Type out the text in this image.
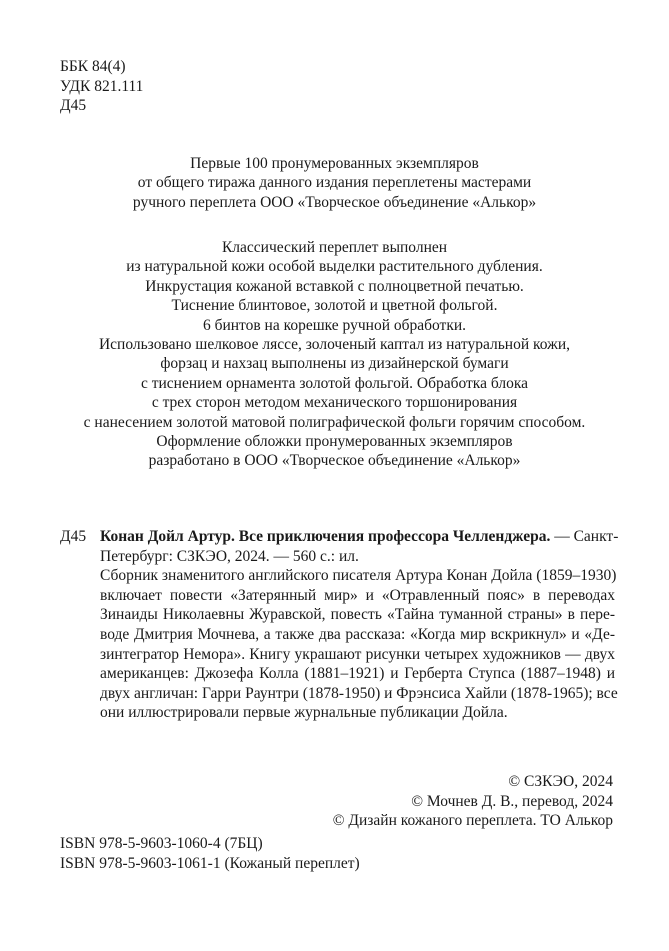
ББК 84(4)
УДК 821.111
Д45
Первые 100 пронумерованных экземпляров
от общего тиража данного издания переплетены мастерами
ручного переплета ООО «Творческое объединение «Алькор»
Классический переплет выполнен
из натуральной кожи особой выделки растительного дубления.
Инкрустация кожаной вставкой с полноцветной печатью.
Тиснение блинтовое, золотой и цветной фольгой.
6 бинтов на корешке ручной обработки.
Использовано шелковое ляссе, золоченый каптал из натуральной кожи,
форзац и нахзац выполнены из дизайнерской бумаги
с тиснением орнамента золотой фольгой. Обработка блока
с трех сторон методом механического торшонирования
с нанесением золотой матовой полиграфической фольги горячим способом.
Оформление обложки пронумерованных экземпляров
разработано в ООО «Творческое объединение «Алькор»
Д45 Конан Дойл Артур. Все приключения профессора Челленджера. — Санкт-
Петербург: СЗКЭО, 2024. — 560 с.: ил.
Сборник знаменитого английского писателя Артура Конан Дойла (1859–1930)
включает повести «Затерянный мир» и «Отравленный пояс» в переводах
Зинаиды Николаевны Журавской, повесть «Тайна туманной страны» в пере-
воде Дмитрия Мочнева, а также два рассказа: «Когда мир вскрикнул» и «Де-
зинтегратор Немора». Книгу украшают рисунки четырех художников — двух
американцев: Джозефа Колла (1881–1921) и Герберта Ступса (1887–1948) и
двух англичан: Гарри Раунтри (1878-1950) и Фрэнсиса Хайли (1878-1965); все
они иллюстрировали первые журнальные публикации Дойла.
© СЗКЭО, 2024
© Мочнев Д. В., перевод, 2024
© Дизайн кожаного переплета. ТО Алькор
ISBN 978-5-9603-1060-4 (7БЦ)
ISBN 978-5-9603-1061-1 (Кожаный переплет)
